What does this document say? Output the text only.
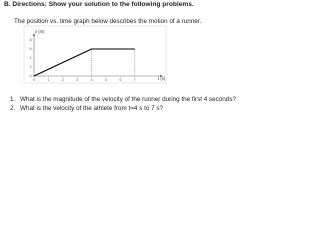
B. Directions: Show your solution to the following problems.
The position vs. time graph below describes the motion of a runner.
0	1	2	3	4	5	6	7
0
2
4
6
8
x (m)
t (s)
1. What is the magnitude of the velocity of the runner during the first 4 seconds?
2. What is the velocity of the athlete from t=4 s to 7 s?
